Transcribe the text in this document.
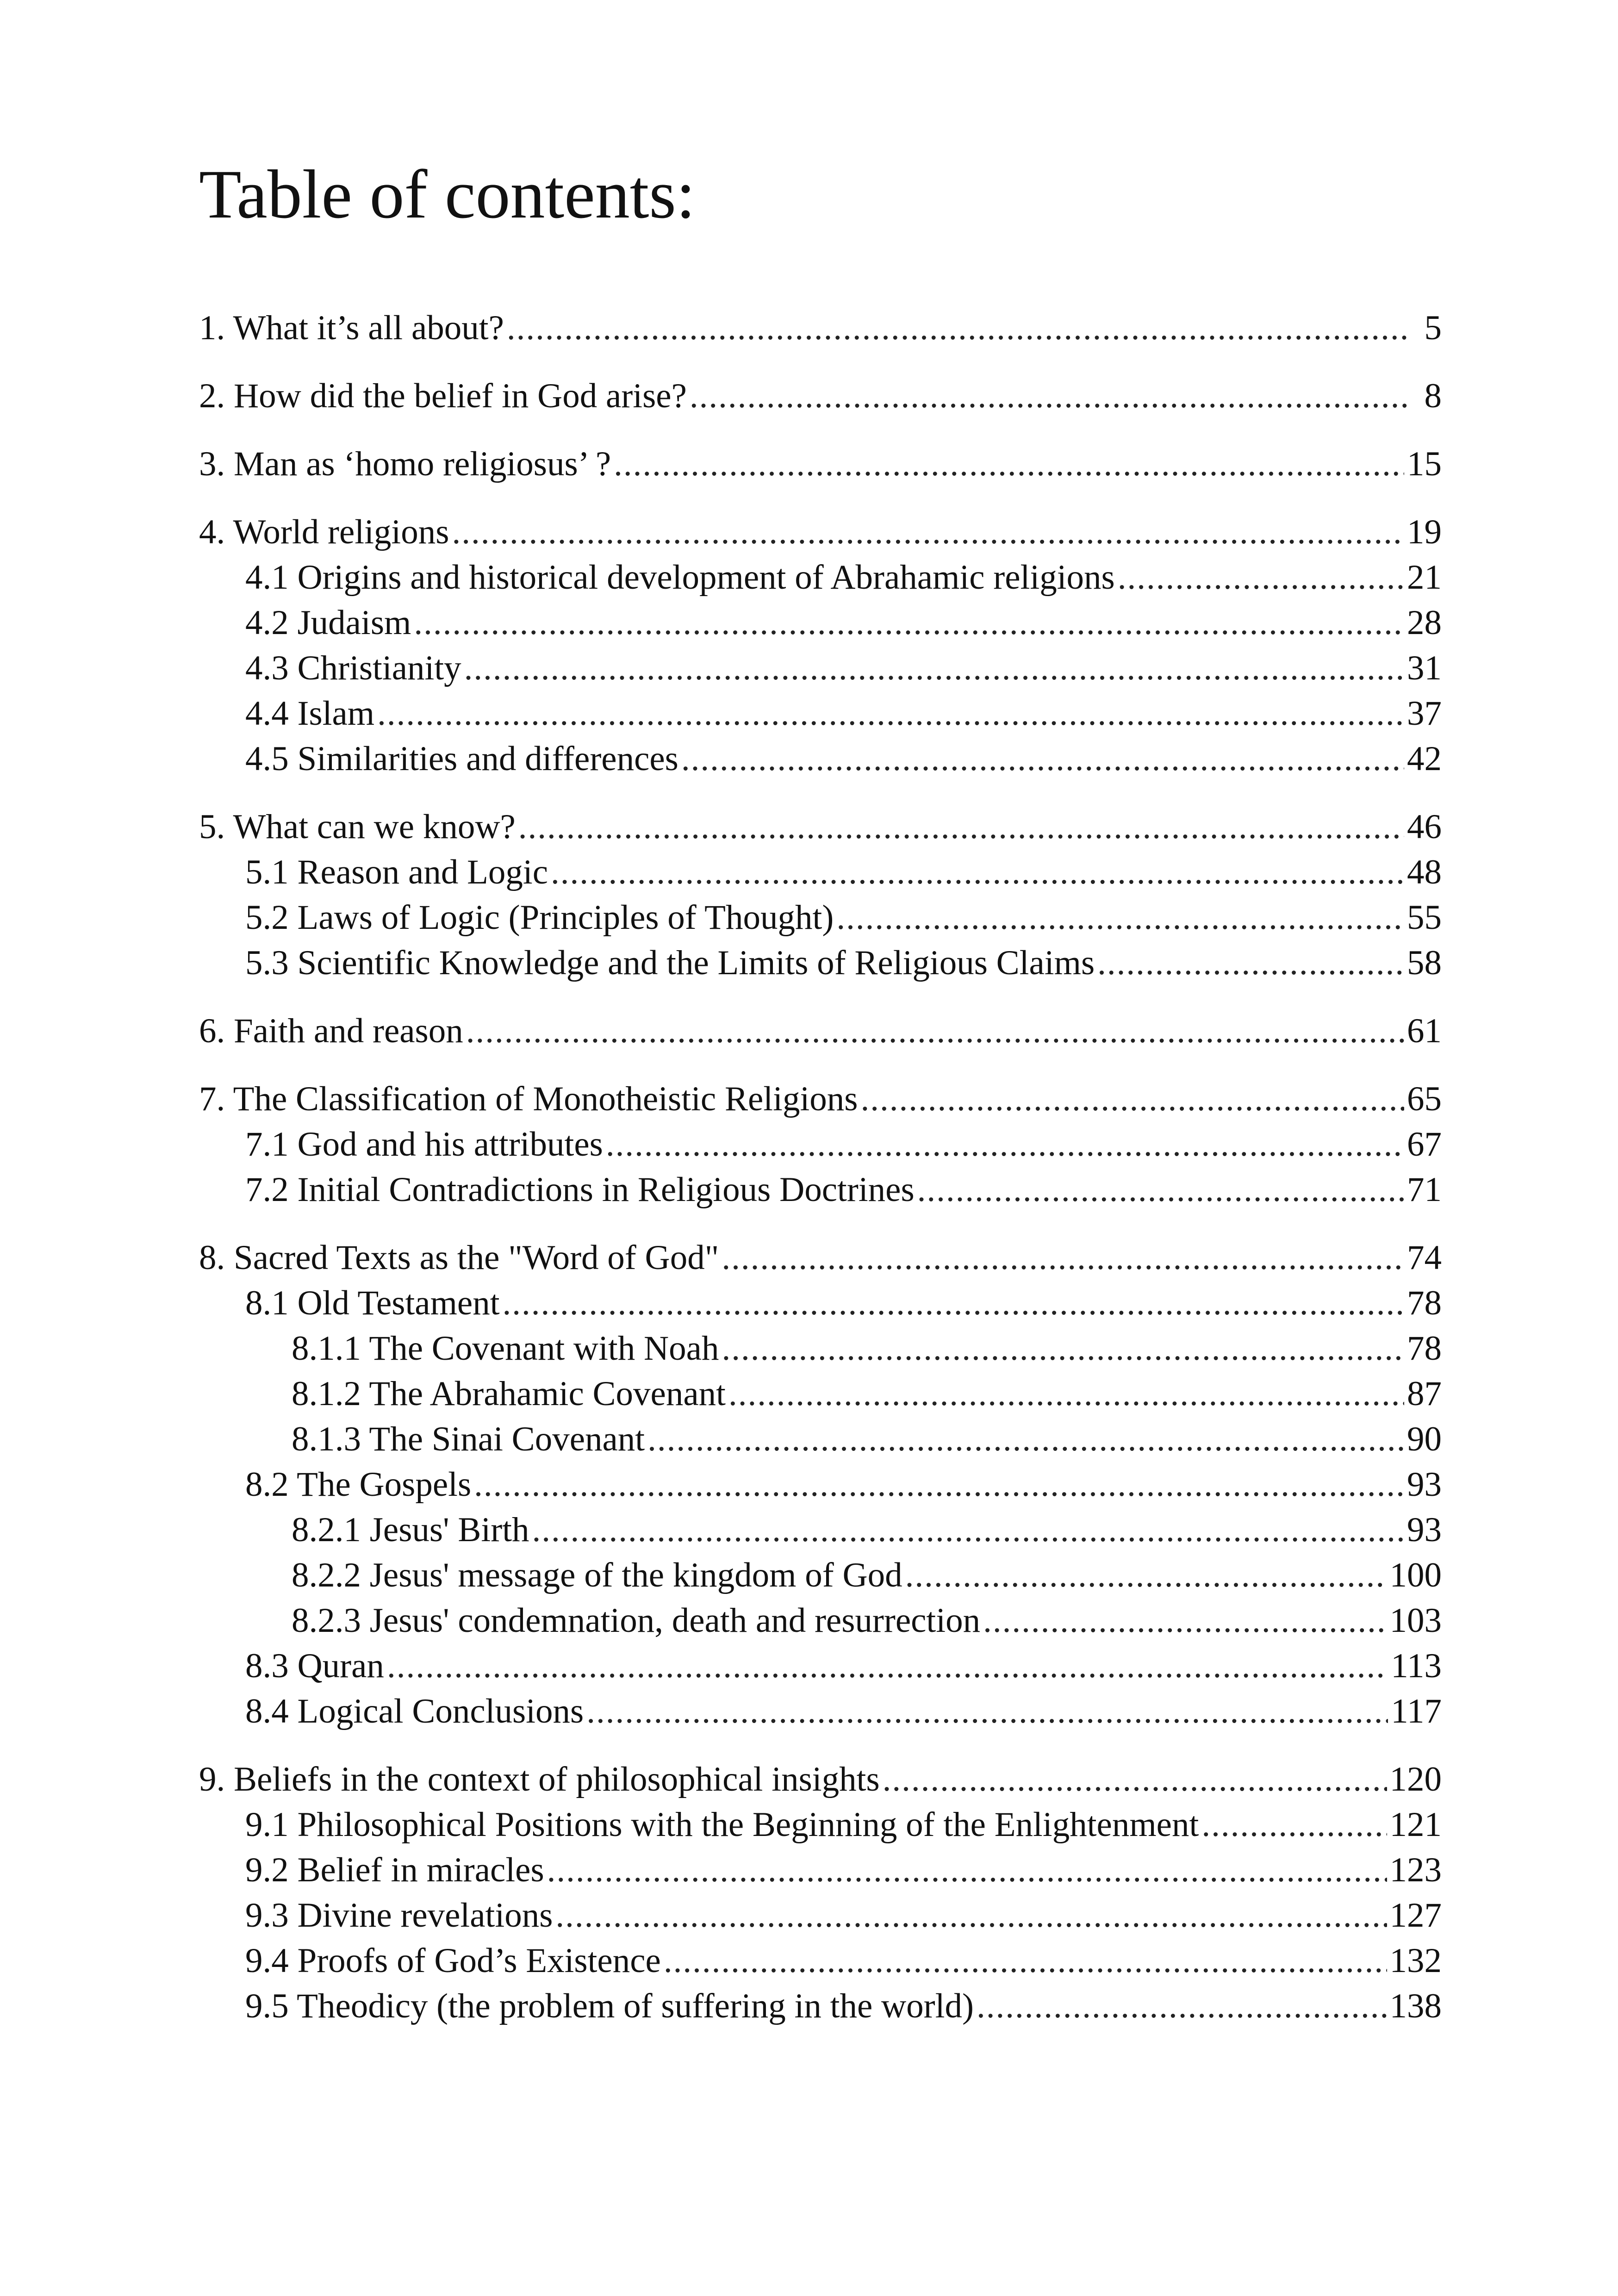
Table of contents:
1. What it’s all about? .....	5
2. How did the belief in God arise? .....	8
3. Man as ‘homo religiosus’ ? .....	15
4. World religions .....	19
4.1 Origins and historical development of Abrahamic religions .....	21
4.2 Judaism .....	28
4.3 Christianity .....	31
4.4 Islam .....	37
4.5 Similarities and differences .....	42
5. What can we know? .....	46
5.1 Reason and Logic .....	48
5.2 Laws of Logic (Principles of Thought) .....	55
5.3 Scientific Knowledge and the Limits of Religious Claims .....	58
6. Faith and reason .....	61
7. The Classification of Monotheistic Religions .....	65
7.1 God and his attributes .....	67
7.2 Initial Contradictions in Religious Doctrines .....	71
8. Sacred Texts as the "Word of God" .....	74
8.1 Old Testament .....	78
8.1.1 The Covenant with Noah .....	78
8.1.2 The Abrahamic Covenant .....	87
8.1.3 The Sinai Covenant .....	90
8.2 The Gospels .....	93
8.2.1 Jesus' Birth .....	93
8.2.2 Jesus' message of the kingdom of God .....	100
8.2.3 Jesus' condemnation, death and resurrection .....	103
8.3 Quran .....	113
8.4 Logical Conclusions .....	117
9. Beliefs in the context of philosophical insights .....	120
9.1 Philosophical Positions with the Beginning of the Enlightenment .....	121
9.2 Belief in miracles .....	123
9.3 Divine revelations .....	127
9.4 Proofs of God’s Existence .....	132
9.5 Theodicy (the problem of suffering in the world) .....	138
